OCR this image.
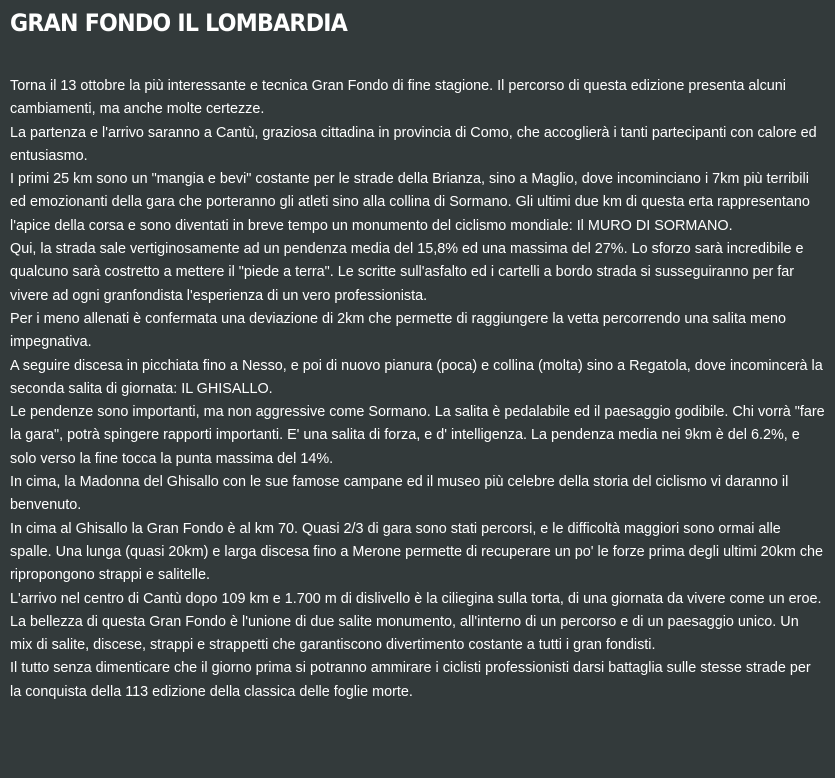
GRAN FONDO IL LOMBARDIA

Torna il 13 ottobre la più interessante e tecnica Gran Fondo di fine stagione. Il percorso di questa edizione presenta alcuni cambiamenti, ma anche molte certezze.

La partenza e l'arrivo saranno a Cantù, graziosa cittadina in provincia di Como, che accoglierà i tanti partecipanti con calore ed entusiasmo.

I primi 25 km sono un "mangia e bevi" costante per le strade della Brianza, sino a Maglio, dove incominciano i 7km più terribili ed emozionanti della gara che porteranno gli atleti sino alla collina di Sormano. Gli ultimi due km di questa erta rappresentano l'apice della corsa e sono diventati in breve tempo un monumento del ciclismo mondiale: Il MURO DI SORMANO.

Qui, la strada sale vertiginosamente ad un pendenza media del 15,8% ed una massima del 27%. Lo sforzo sarà incredibile e qualcuno sarà costretto a mettere il "piede a terra". Le scritte sull'asfalto ed i cartelli a bordo strada si susseguiranno per far vivere ad ogni granfondista l'esperienza di un vero professionista.

Per i meno allenati è confermata una deviazione di 2km che permette di raggiungere la vetta percorrendo una salita meno impegnativa.

A seguire discesa in picchiata fino a Nesso, e poi di nuovo pianura (poca) e collina (molta) sino a Regatola, dove incomincerà la seconda salita di giornata: IL GHISALLO.

Le pendenze sono importanti, ma non aggressive come Sormano. La salita è pedalabile ed il paesaggio godibile. Chi vorrà "fare la gara", potrà spingere rapporti importanti. E' una salita di forza, e d' intelligenza. La pendenza media nei 9km è del 6.2%, e solo verso la fine tocca la punta massima del 14%.

In cima, la Madonna del Ghisallo con le sue famose campane ed il museo più celebre della storia del ciclismo vi daranno il benvenuto.

In cima al Ghisallo la Gran Fondo è al km 70. Quasi 2/3 di gara sono stati percorsi, e le difficoltà maggiori sono ormai alle spalle. Una lunga (quasi 20km) e larga discesa fino a Merone permette di recuperare un po' le forze prima degli ultimi 20km che ripropongono strappi e salitelle.

L'arrivo nel centro di Cantù dopo 109 km e 1.700 m di dislivello è la ciliegina sulla torta, di una giornata da vivere come un eroe.

La bellezza di questa Gran Fondo è l'unione di due salite monumento, all'interno di un percorso e di un paesaggio unico. Un mix di salite, discese, strappi e strappetti che garantiscono divertimento costante a tutti i gran fondisti.

Il tutto senza dimenticare che il giorno prima si potranno ammirare i ciclisti professionisti darsi battaglia sulle stesse strade per la conquista della 113 edizione della classica delle foglie morte.
